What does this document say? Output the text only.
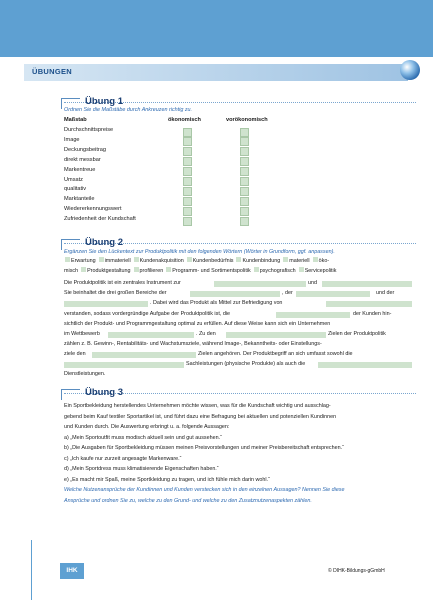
ÜBUNGEN
Übung 1
Ordnen Sie die Maßstäbe durch Ankreuzen richtig zu.
Maßstab	ökonomisch	vorökonomisch
Durchschnittspreise
Image
Deckungsbeitrag
direkt messbar
Markentreue
Umsatz
qualitativ
Marktanteile
Wiedererkennungswert
Zufriedenheit der Kundschaft
Übung 2
Ergänzen Sie den Lückentext zur Produktpolitik mit den folgenden Wörtern (Wörter in Grundform, ggf. anpassen).
Erwartung immateriell Kundenakquisition Kundenbedürfnis Kundenbindung materiell öko-
misch Produktgestaltung profilieren Programm- und Sortimentspolitik psychografisch Servicepolitik
Die Produktpolitik ist ein zentrales Instrument zur	und
Sie beinhaltet die drei großen Bereiche der	, der	und der
. Dabei wird das Produkt als Mittel zur Befriedigung von
verstanden, sodass vordergründige Aufgabe der Produktpolitik ist, die	der Kunden hin-
sichtlich der Produkt- und Programmgestaltung optimal zu erfüllen. Auf diese Weise kann sich ein Unternehmen
im Wettbewerb	. Zu den	Zielen der Produktpolitik
zählen z. B. Gewinn-, Rentabilitäts- und Wachstumsziele, während Image-, Bekanntheits- oder Einstellungs-
ziele den	Zielen angehören. Der Produktbegriff an sich umfasst sowohl die
Sachleistungen (physische Produkte) als auch die
Dienstleistungen.
Übung 3
Ein Sportbekleidung herstellendes Unternehmen möchte wissen, was für die Kundschaft wichtig und ausschlag-
gebend beim Kauf textiler Sportartikel ist, und führt dazu eine Befragung bei aktuellen und potenziellen Kundinnen
und Kunden durch. Die Auswertung erbringt u. a. folgende Aussagen:
a) „Mein Sportoutfit muss modisch aktuell sein und gut aussehen.“
b) „Die Ausgaben für Sportbekleidung müssen meinen Preisvorstellungen und meiner Preisbereitschaft entsprechen.“
c) „Ich kaufe nur zurzeit angesagte Markenware.“
d) „Mein Sportdress muss klimatisierende Eigenschaften haben.“
e) „Es macht mir Spaß, meine Sportkleidung zu tragen, und ich fühle mich darin wohl.“
Welche Nutzenansprüche der Kundinnen und Kunden verstecken sich in den einzelnen Aussagen? Nennen Sie diese
Ansprüche und ordnen Sie zu, welche zu den Grund- und welche zu den Zusatznutzenaspekten zählen.
IHK	© DIHK-Bildungs-gGmbH
